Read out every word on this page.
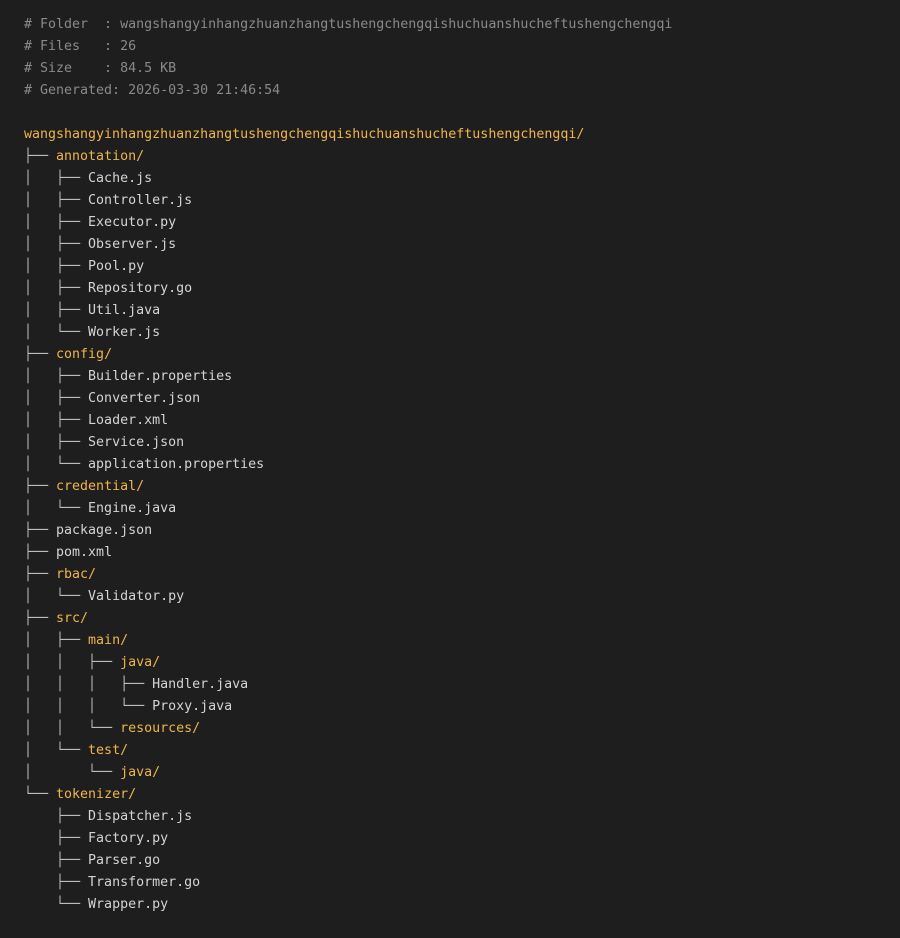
# Folder  : wangshangyinhangzhuanzhangtushengchengqishuchuanshucheftushengchengqi
# Files   : 26
# Size    : 84.5 KB
# Generated: 2026-03-30 21:46:54
wangshangyinhangzhuanzhangtushengchengqishuchuanshucheftushengchengqi/
├── annotation/
│   ├── Cache.js
│   ├── Controller.js
│   ├── Executor.py
│   ├── Observer.js
│   ├── Pool.py
│   ├── Repository.go
│   ├── Util.java
│   └── Worker.js
├── config/
│   ├── Builder.properties
│   ├── Converter.json
│   ├── Loader.xml
│   ├── Service.json
│   └── application.properties
├── credential/
│   └── Engine.java
├── package.json
├── pom.xml
├── rbac/
│   └── Validator.py
├── src/
│   ├── main/
│   │   ├── java/
│   │   │   ├── Handler.java
│   │   │   └── Proxy.java
│   │   └── resources/
│   └── test/
│       └── java/
└── tokenizer/
├── Dispatcher.js
├── Factory.py
├── Parser.go
├── Transformer.go
└── Wrapper.py
